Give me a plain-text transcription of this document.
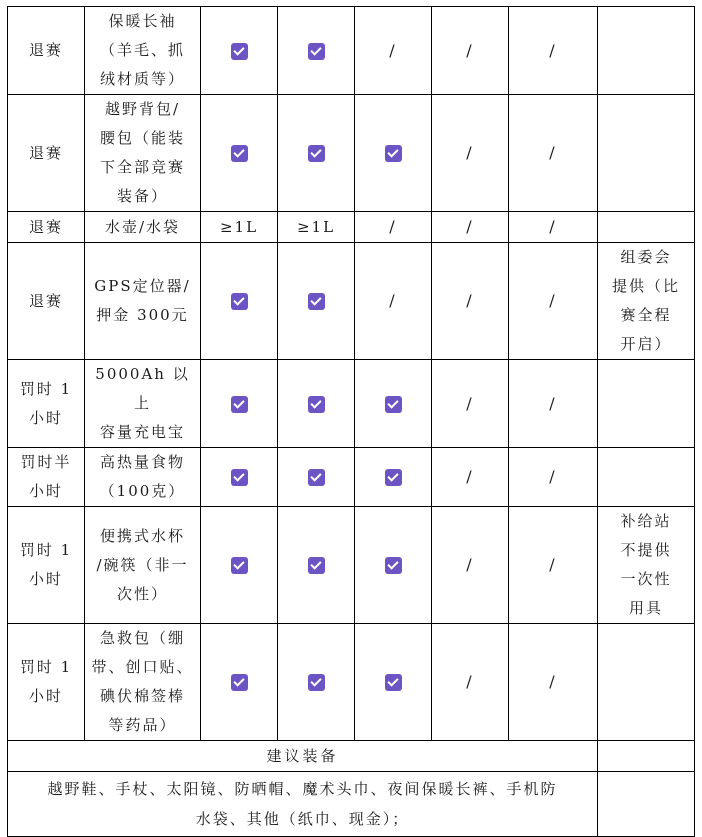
退赛	保暖长袖
（羊毛、抓
绒材质等）			/	/	/	
退赛	越野背包/
腰包（能装
下全部竞赛
装备）				/	/	
退赛	水壶/水袋	≥1L	≥1L	/	/	/	
退赛	GPS定位器/
押金 300元			/	/	/	组委会
提供（比
赛全程
开启）
罚时 1
小时	5000Ah 以上
容量充电宝				/	/	
罚时半
小时	高热量食物
（100克）				/	/	
罚时 1
小时	便携式水杯
/碗筷（非一
次性）				/	/	补给站
不提供
一次性
用具
罚时 1
小时	急救包（绷
带、创口贴、
碘伏棉签棒
等药品）				/	/	
建议装备							
越野鞋、手杖、太阳镜、防晒帽、魔术头巾、夜间保暖长裤、手机防
水袋、其他（纸巾、现金）；							
